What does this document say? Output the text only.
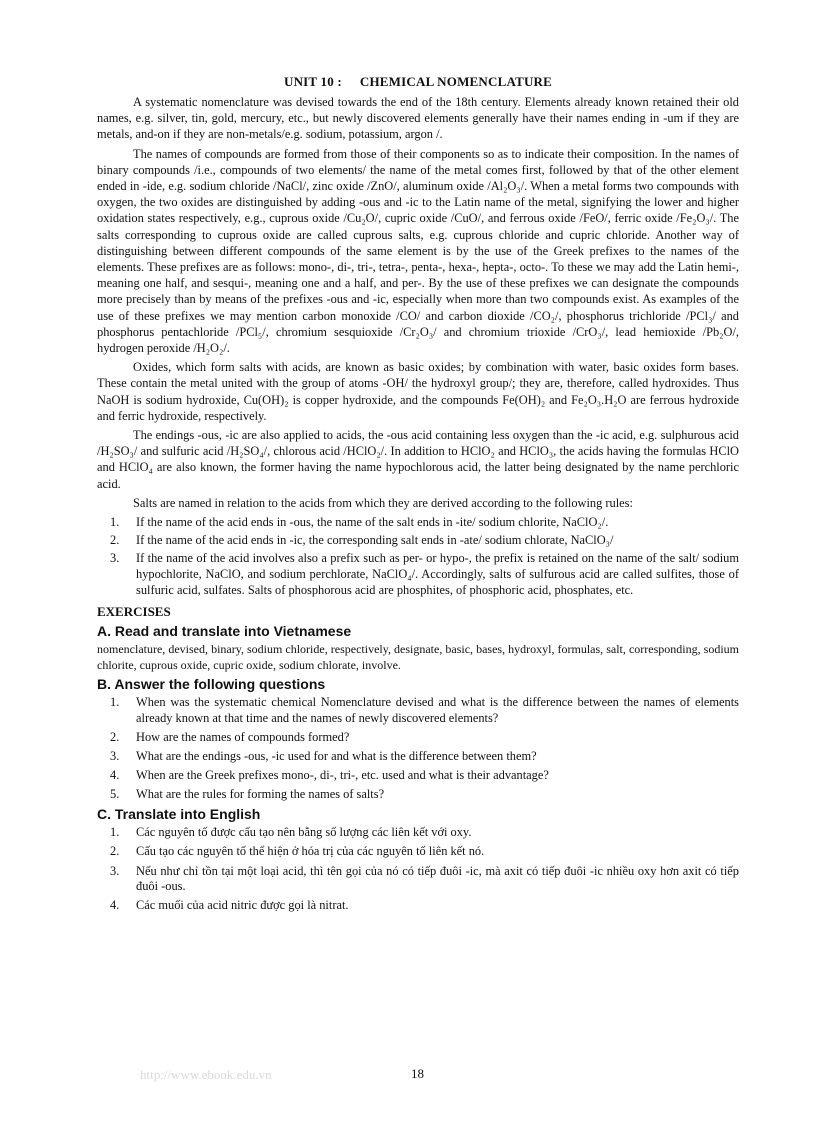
UNIT 10 : CHEMICAL NOMENCLATURE

A systematic nomenclature was devised towards the end of the 18th century. Elements already known retained their old names, e.g. silver, tin, gold, mercury, etc., but newly discovered elements generally have their names ending in -um if they are metals, and-on if they are non-metals/e.g. sodium, potassium, argon /.

The names of compounds are formed from those of their components so as to indicate their composition. In the names of binary compounds /i.e., compounds of two elements/ the name of the metal comes first, followed by that of the other element ended in -ide, e.g. sodium chloride /NaCl/, zinc oxide /ZnO/, aluminum oxide /Al₂O₃/. When a metal forms two compounds with oxygen, the two oxides are distinguished by adding -ous and -ic to the Latin name of the metal, signifying the lower and higher oxidation states respectively, e.g., cuprous oxide /Cu₂O/, cupric oxide /CuO/, and ferrous oxide /FeO/, ferric oxide /Fe₂O₃/. The salts corresponding to cuprous oxide are called cuprous salts, e.g. cuprous chloride and cupric chloride. Another way of distinguishing between different compounds of the same element is by the use of the Greek prefixes to the names of the elements. These prefixes are as follows: mono-, di-, tri-, tetra-, penta-, hexa-, hepta-, octo-. To these we may add the Latin hemi-, meaning one half, and sesqui-, meaning one and a half, and per-. By the use of these prefixes we can designate the compounds more precisely than by means of the prefixes -ous and -ic, especially when more than two compounds exist. As examples of the use of these prefixes we may mention carbon monoxide /CO/ and carbon dioxide /CO₂/, phosphorus trichloride /PCl₃/ and phosphorus pentachloride /PCl₅/, chromium sesquioxide /Cr₂O₃/ and chromium trioxide /CrO₃/, lead hemioxide /Pb₂O/, hydrogen peroxide /H₂O₂/.

Oxides, which form salts with acids, are known as basic oxides; by combination with water, basic oxides form bases. These contain the metal united with the group of atoms -OH/ the hydroxyl group/; they are, therefore, called hydroxides. Thus NaOH is sodium hydroxide, Cu(OH)₂ is copper hydroxide, and the compounds Fe(OH)₂ and Fe₂O₃.H₂O are ferrous hydroxide and ferric hydroxide, respectively.

The endings -ous, -ic are also applied to acids, the -ous acid containing less oxygen than the -ic acid, e.g. sulphurous acid /H₂SO₃/ and sulfuric acid /H₂SO₄/, chlorous acid /HClO₂/. In addition to HClO₂ and HClO₃, the acids having the formulas HClO and HClO₄ are also known, the former having the name hypochlorous acid, the latter being designated by the name perchloric acid.

Salts are named in relation to the acids from which they are derived according to the following rules:

1. If the name of the acid ends in -ous, the name of the salt ends in -ite/ sodium chlorite, NaClO₂/.
2. If the name of the acid ends in -ic, the corresponding salt ends in -ate/ sodium chlorate, NaClO₃/
3. If the name of the acid involves also a prefix such as per- or hypo-, the prefix is retained on the name of the salt/ sodium hypochlorite, NaClO, and sodium perchlorate, NaClO₄/. Accordingly, salts of sulfurous acid are called sulfites, those of sulfuric acid, sulfates. Salts of phosphorous acid are phosphites, of phosphoric acid, phosphates, etc.
EXERCISES
A. Read and translate into Vietnamese

nomenclature, devised, binary, sodium chloride, respectively, designate, basic, bases, hydroxyl, formulas, salt, corresponding, sodium chlorite, cuprous oxide, cupric oxide, sodium chlorate, involve.

B. Answer the following questions
1. When was the systematic chemical Nomenclature devised and what is the difference between the names of elements already known at that time and the names of newly discovered elements?
2. How are the names of compounds formed?
3. What are the endings -ous, -ic used for and what is the difference between them?
4. When are the Greek prefixes mono-, di-, tri-, etc. used and what is their advantage?
5. What are the rules for forming the names of salts?
C. Translate into English
1. Các nguyên tố được cấu tạo nên bằng số lượng các liên kết với oxy.
2. Cấu tạo các nguyên tố thể hiện ở hóa trị của các nguyên tố liên kết nó.
3. Nếu như chỉ tồn tại một loại acid, thì tên gọi của nó có tiếp đuôi -ic, mà axit có tiếp đuôi -ic nhiều oxy hơn axit có tiếp đuôi -ous.
4. Các muối của acid nitric được gọi là nitrat.
http://www.ebook.edu.vn	18
